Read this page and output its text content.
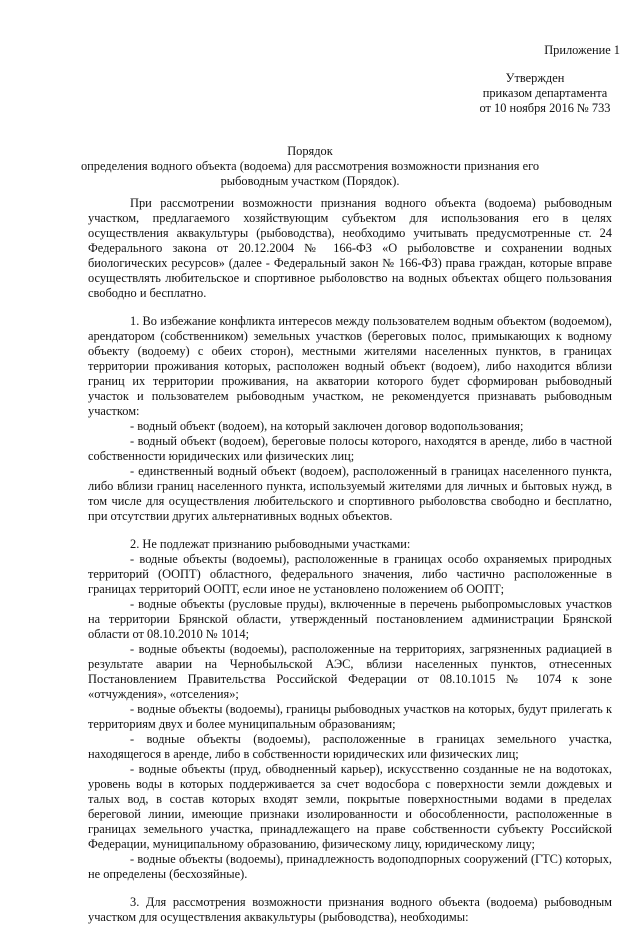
Приложение 1
Утвержден
приказом департамента
от 10 ноября 2016 № 733
Порядок
определения водного объекта (водоема) для рассмотрения возможности признания его рыбоводным участком (Порядок).

При рассмотрении возможности признания водного объекта (водоема) рыбоводным участком, предлагаемого хозяйствующим субъектом для использования его в целях осуществления аквакультуры (рыбоводства), необходимо учитывать предусмотренные ст. 24 Федерального закона от 20.12.2004 № 166-ФЗ «О рыболовстве и сохранении водных биологических ресурсов» (далее - Федеральный закон № 166-ФЗ) права граждан, которые вправе осуществлять любительское и спортивное рыболовство на водных объектах общего пользования свободно и бесплатно.

1. Во избежание конфликта интересов между пользователем водным объектом (водоемом), арендатором (собственником) земельных участков (береговых полос, примыкающих к водному объекту (водоему) с обеих сторон), местными жителями населенных пунктов, в границах территории проживания которых, расположен водный объект (водоем), либо находится вблизи границ их территории проживания, на акватории которого будет сформирован рыбоводный участок и пользователем рыбоводным участком, не рекомендуется признавать рыбоводным участком:

- водный объект (водоем), на который заключен договор водопользования;

- водный объект (водоем), береговые полосы которого, находятся в аренде, либо в частной собственности юридических или физических лиц;

- единственный водный объект (водоем), расположенный в границах населенного пункта, либо вблизи границ населенного пункта, используемый жителями для личных и бытовых нужд, в том числе для осуществления любительского и спортивного рыболовства свободно и бесплатно, при отсутствии других альтернативных водных объектов.

2. Не подлежат признанию рыбоводными участками:

- водные объекты (водоемы), расположенные в границах особо охраняемых природных территорий (ООПТ) областного, федерального значения, либо частично расположенные в границах территорий ООПТ, если иное не установлено положением об ООПТ;

- водные объекты (русловые пруды), включенные в перечень рыбопромысловых участков на территории Брянской области, утвержденный постановлением администрации Брянской области от 08.10.2010 № 1014;

- водные объекты (водоемы), расположенные на территориях, загрязненных радиацией в результате аварии на Чернобыльской АЭС, вблизи населенных пунктов, отнесенных Постановлением Правительства Российской Федерации от 08.10.1015 № 1074 к зоне «отчуждения», «отселения»;

- водные объекты (водоемы), границы рыбоводных участков на которых, будут прилегать к территориям двух и более муниципальным образованиям;

- водные объекты (водоемы), расположенные в границах земельного участка, находящегося в аренде, либо в собственности юридических или физических лиц;

- водные объекты (пруд, обводненный карьер), искусственно созданные не на водотоках, уровень воды в которых поддерживается за счет водосбора с поверхности земли дождевых и талых вод, в состав которых входят земли, покрытые поверхностными водами в пределах береговой линии, имеющие признаки изолированности и обособленности, расположенные в границах земельного участка, принадлежащего на праве собственности субъекту Российской Федерации, муниципальному образованию, физическому лицу, юридическому лицу;

- водные объекты (водоемы), принадлежность водоподпорных сооружений (ГТС) которых, не определены (бесхозяйные).

3. Для рассмотрения возможности признания водного объекта (водоема) рыбоводным участком для осуществления аквакультуры (рыбоводства), необходимы:
